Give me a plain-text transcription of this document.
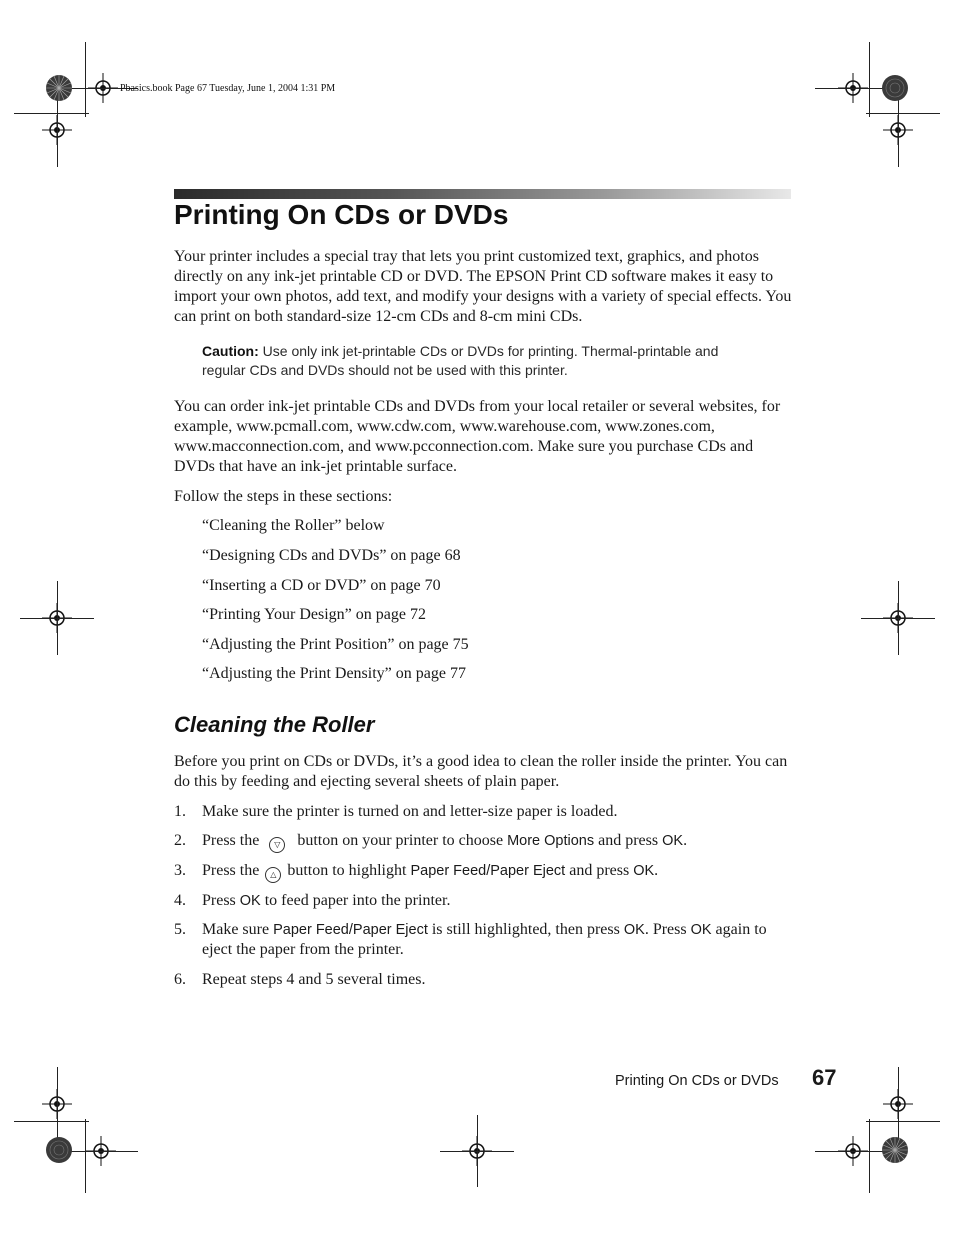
Pbasics.book Page 67 Tuesday, June 1, 2004 1:31 PM
Printing On CDs or DVDs

Your printer includes a special tray that lets you print customized text, graphics, and photos directly on any ink-jet printable CD or DVD. The EPSON Print CD software makes it easy to import your own photos, add text, and modify your designs with a variety of special effects. You can print on both standard-size 12-cm CDs and 8-cm mini CDs.

Caution: Use only ink jet-printable CDs or DVDs for printing. Thermal-printable and regular CDs and DVDs should not be used with this printer.

You can order ink-jet printable CDs and DVDs from your local retailer or several websites, for example, www.pcmall.com, www.cdw.com, www.warehouse.com, www.zones.com, www.macconnection.com, and www.pcconnection.com. Make sure you purchase CDs and DVDs that have an ink-jet printable surface.

Follow the steps in these sections:

“Cleaning the Roller” below

“Designing CDs and DVDs” on page 68

“Inserting a CD or DVD” on page 70

“Printing Your Design” on page 72

“Adjusting the Print Position” on page 75

“Adjusting the Print Density” on page 77

Cleaning the Roller

Before you print on CDs or DVDs, it’s a good idea to clean the roller inside the printer. You can do this by feeding and ejecting several sheets of plain paper.

1. Make sure the printer is turned on and letter-size paper is loaded.

2. Press the ▽ button on your printer to choose More Options and press OK.

3. Press the △ button to highlight Paper Feed/Paper Eject and press OK.

4. Press OK to feed paper into the printer.

5. Make sure Paper Feed/Paper Eject is still highlighted, then press OK. Press OK again to eject the paper from the printer.

6. Repeat steps 4 and 5 several times.

Printing On CDs or DVDs 67
